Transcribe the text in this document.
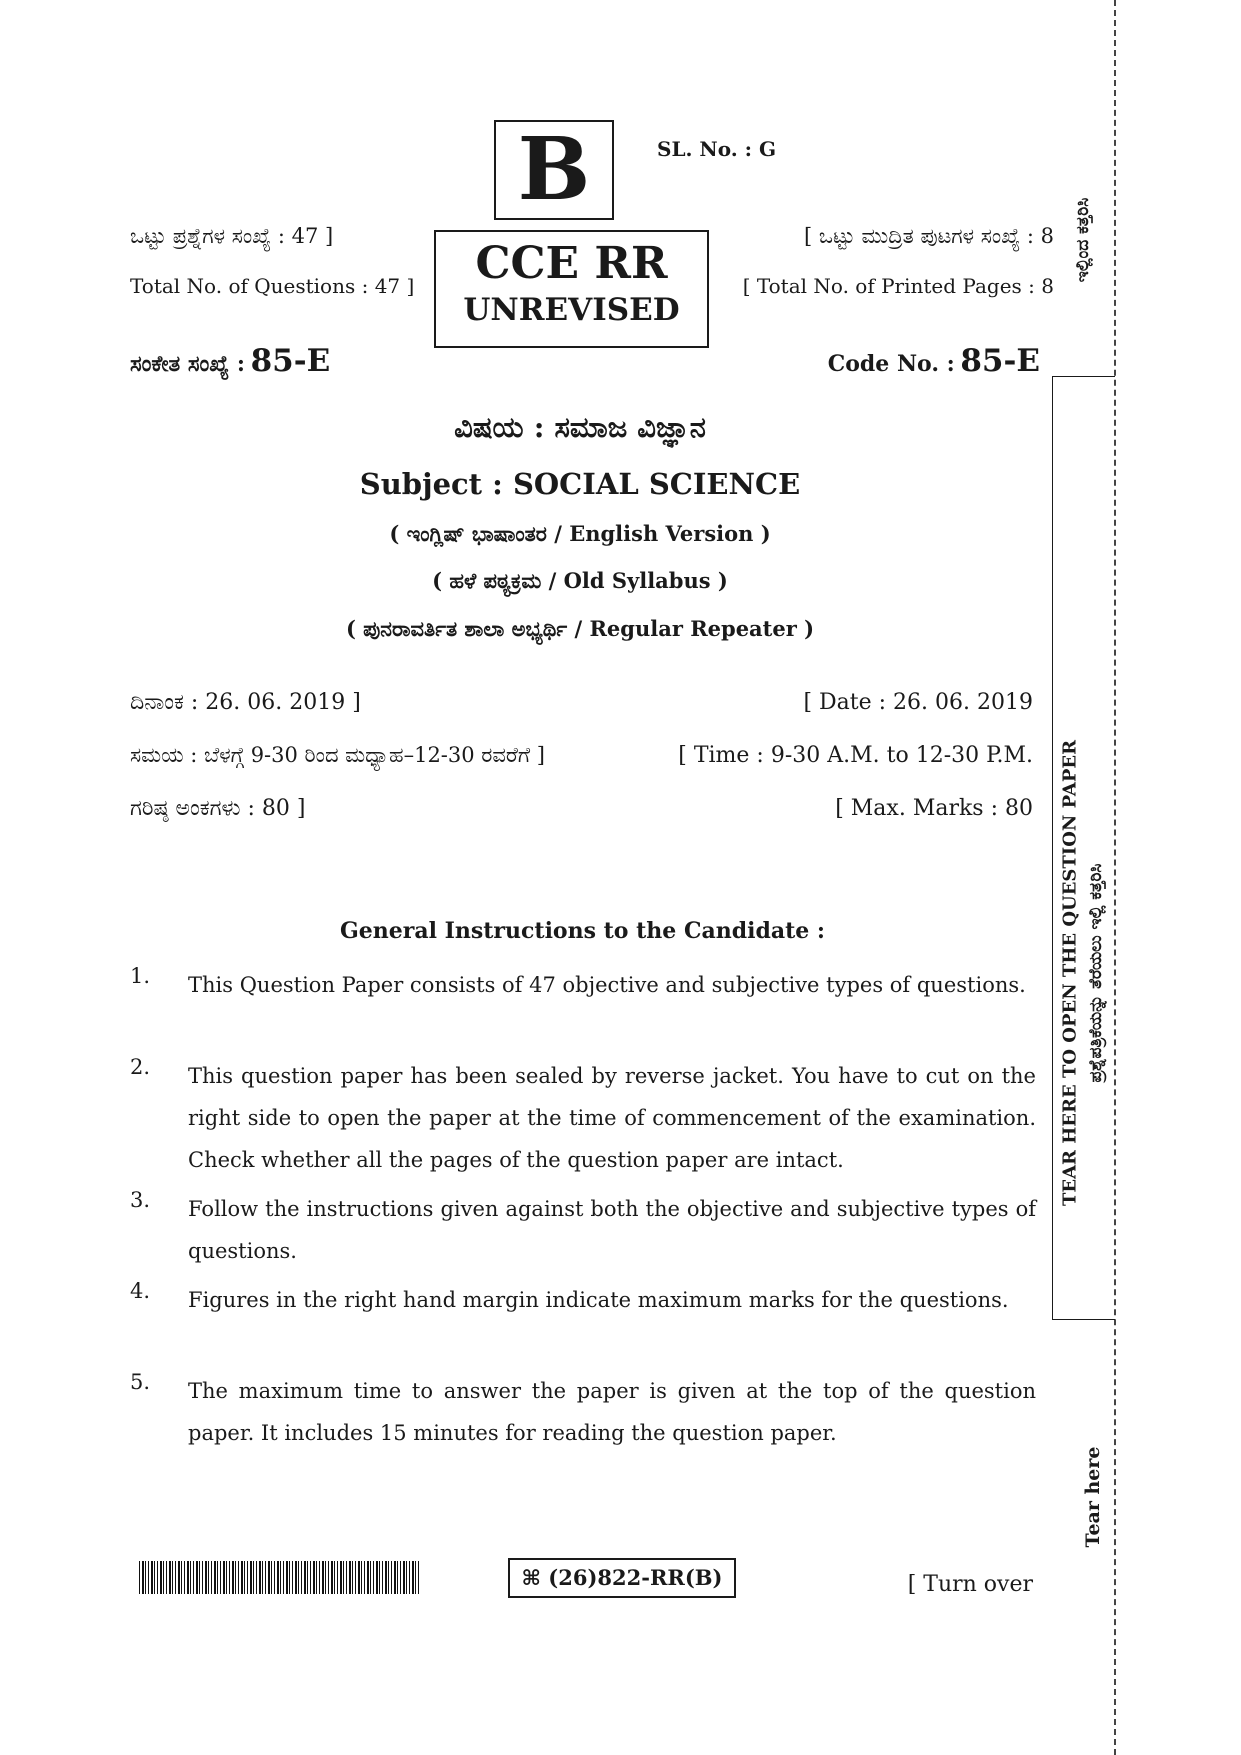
B	SL. No. : G
CCE RR
UNREVISED
ಒಟ್ಟು ಪ್ರಶ್ನೆಗಳ ಸಂಖ್ಯೆ : 47 ]
Total No. of Questions : 47 ]
[ ಒಟ್ಟು ಮುದ್ರಿತ ಪುಟಗಳ ಸಂಖ್ಯೆ : 8
[ Total No. of Printed Pages : 8
ಸಂಕೇತ ಸಂಖ್ಯೆ : 85-E	Code No. : 85-E
ವಿಷಯ : ಸಮಾಜ ವಿಜ್ಞಾನ
Subject : SOCIAL SCIENCE
( ಇಂಗ್ಲಿಷ್ ಭಾಷಾಂತರ / English Version )
( ಹಳೆ ಪಠ್ಯಕ್ರಮ / Old Syllabus )
( ಪುನರಾವರ್ತಿತ ಶಾಲಾ ಅಭ್ಯರ್ಥಿ / Regular Repeater )
ದಿನಾಂಕ : 26. 06. 2019 ]	[ Date : 26. 06. 2019
ಸಮಯ : ಬೆಳಗ್ಗೆ 9-30 ರಿಂದ ಮಧ್ಯಾಹ–12-30 ರವರೆಗೆ ]	[ Time : 9-30 A.M. to 12-30 P.M.
ಗರಿಷ್ಠ ಅಂಕಗಳು : 80 ]	[ Max. Marks : 80
General Instructions to the Candidate :
1. This Question Paper consists of 47 objective and subjective types of questions.
2. This question paper has been sealed by reverse jacket. You have to cut on the right side to open the paper at the time of commencement of the examination. Check whether all the pages of the question paper are intact.
3. Follow the instructions given against both the objective and subjective types of questions.
4. Figures in the right hand margin indicate maximum marks for the questions.
5. The maximum time to answer the paper is given at the top of the question paper. It includes 15 minutes for reading the question paper.
⌘ (26)822-RR(B)	[ Turn over
ಇಲ್ಲಿಂದ ಕತ್ತರಿಸಿ
TEAR HERE TO OPEN THE QUESTION PAPER ಪ್ರಶ್ನೆಪತ್ರಿಕೆಯನ್ನು ತೆರೆಯಲು ಇಲ್ಲಿ ಕತ್ತರಿಸಿ
Tear here
